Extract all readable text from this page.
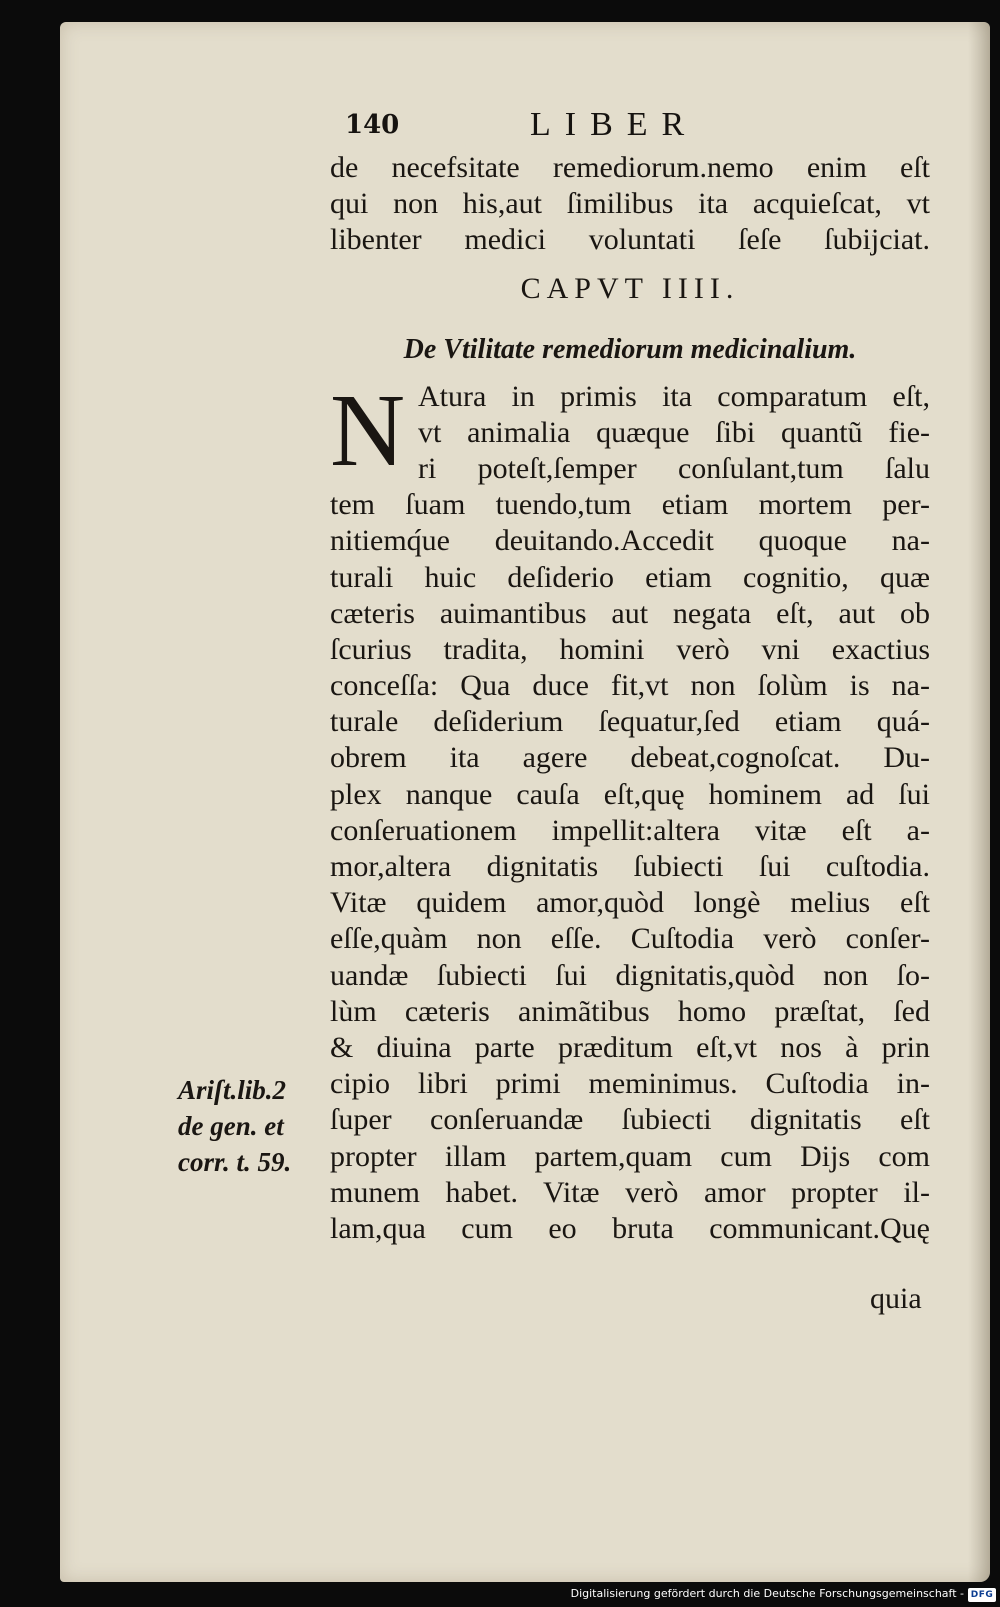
140	LIBER
de necefsitate remediorum.nemo enim eſt
qui non his,aut ſimilibus ita acquieſcat, vt
libenter medici voluntati ſeſe ſubijciat.
CAPVT IIII.
De Vtilitate remediorum medicinalium.
N Atura in primis ita comparatum eſt,
vt animalia quæque ſibi quantũ fie-
ri poteſt,ſemper conſulant,tum ſalu
tem ſuam tuendo,tum etiam mortem per-
nitiemq́ue deuitando.Accedit quoque na-
turali huic deſiderio etiam cognitio, quæ
cæteris auimantibus aut negata eſt, aut ob
ſcurius tradita, homini verò vni exactius
conceſſa: Qua duce fit,vt non ſolùm is na-
turale deſiderium ſequatur,ſed etiam quá-
obrem ita agere debeat,cognoſcat. Du-
plex nanque cauſa eſt,quę hominem ad ſui
conſeruationem impellit:altera vitæ eſt a-
mor,altera dignitatis ſubiecti ſui cuſtodia.
Vitæ quidem amor,quòd longè melius eſt
eſſe,quàm non eſſe. Cuſtodia verò conſer-
uandæ ſubiecti ſui dignitatis,quòd non ſo-
lùm cæteris animãtibus homo præſtat, ſed
& diuina parte præditum eſt,vt nos à prin
cipio libri primi meminimus. Cuſtodia in-
ſuper conſeruandæ ſubiecti dignitatis eſt
propter illam partem,quam cum Dijs com
munem habet. Vitæ verò amor propter il-
lam,qua cum eo bruta communicant.Quę
Ariſt.lib.2
de gen. et
corr. t. 59.
quia
Digitalisierung gefördert durch die Deutsche Forschungsgemeinschaft - DFG
